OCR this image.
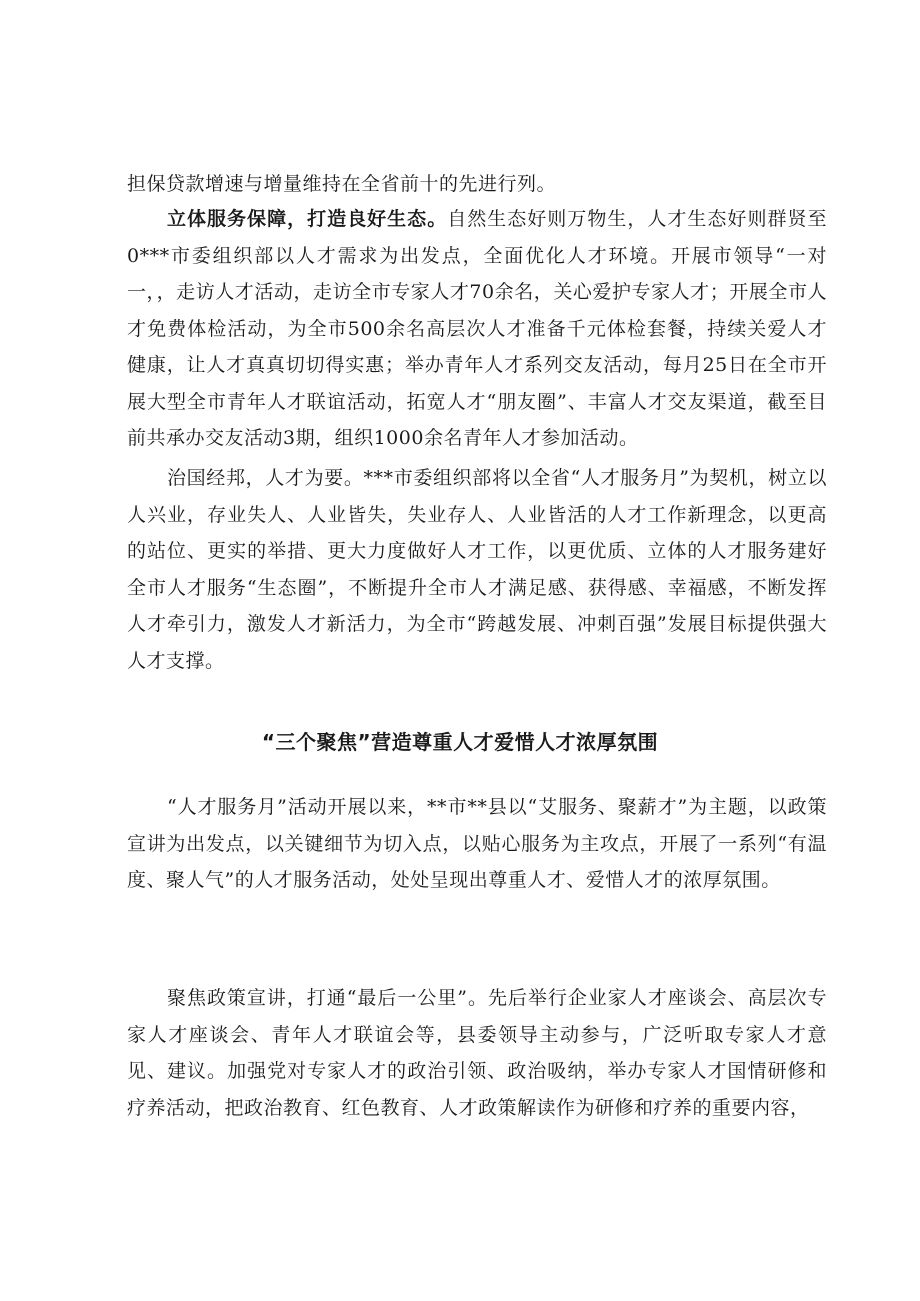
担保贷款增速与增量维持在全省前十的先进行列。

立体服务保障，打造良好生态。自然生态好则万物生，人才生态好则群贤至0***市委组织部以人才需求为出发点，全面优化人才环境。开展市领导“一对一，，走访人才活动，走访全市专家人才70余名，关心爱护专家人才；开展全市人才免费体检活动，为全市500余名高层次人才准备千元体检套餐，持续关爱人才健康，让人才真真切切得实惠；举办青年人才系列交友活动，每月25日在全市开展大型全市青年人才联谊活动，拓宽人才“朋友圈”、丰富人才交友渠道，截至目前共承办交友活动3期，组织1000余名青年人才参加活动。

治国经邦，人才为要。***市委组织部将以全省“人才服务月”为契机，树立以人兴业，存业失人、人业皆失，失业存人、人业皆活的人才工作新理念，以更高的站位、更实的举措、更大力度做好人才工作，以更优质、立体的人才服务建好全市人才服务“生态圈”，不断提升全市人才满足感、获得感、幸福感，不断发挥人才牵引力，激发人才新活力，为全市“跨越发展、冲刺百强”发展目标提供强大人才支撑。

“三个聚焦”营造尊重人才爱惜人才浓厚氛围

“人才服务月”活动开展以来，**市**县以“艾服务、聚薪才”为主题，以政策宣讲为出发点，以关键细节为切入点，以贴心服务为主攻点，开展了一系列“有温度、聚人气”的人才服务活动，处处呈现出尊重人才、爱惜人才的浓厚氛围。

聚焦政策宣讲，打通“最后一公里”。先后举行企业家人才座谈会、高层次专家人才座谈会、青年人才联谊会等，县委领导主动参与，广泛听取专家人才意见、建议。加强党对专家人才的政治引领、政治吸纳，举办专家人才国情研修和疗养活动，把政治教育、红色教育、人才政策解读作为研修和疗养的重要内容，
